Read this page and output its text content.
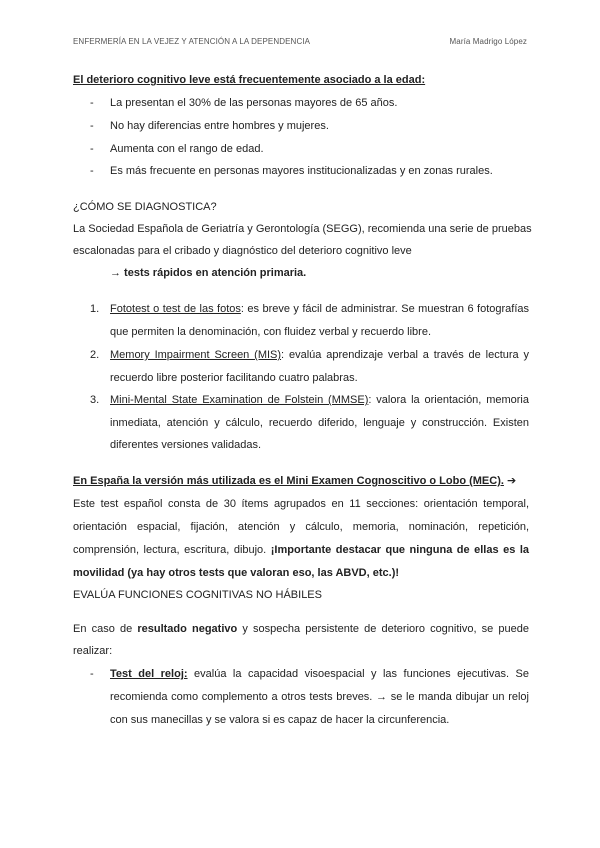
ENFERMERÍA EN LA VEJEZ Y ATENCIÓN A LA DEPENDENCIA	María Madrigo López
El deterioro cognitivo leve está frecuentemente asociado a la edad:
- La presentan el 30% de las personas mayores de 65 años.
- No hay diferencias entre hombres y mujeres.
- Aumenta con el rango de edad.
- Es más frecuente en personas mayores institucionalizadas y en zonas rurales.
¿CÓMO SE DIAGNOSTICA?
La Sociedad Española de Geriatría y Gerontología (SEGG), recomienda una serie de pruebas
escalonadas para el cribado y diagnóstico del deterioro cognitivo leve
→ tests rápidos en atención primaria.
1. Fototest o test de las fotos: es breve y fácil de administrar. Se muestran 6 fotografías
que permiten la denominación, con fluidez verbal y recuerdo libre.
2. Memory Impairment Screen (MIS): evalúa aprendizaje verbal a través de lectura y
recuerdo libre posterior facilitando cuatro palabras.
3. Mini-Mental State Examination de Folstein (MMSE): valora la orientación, memoria
inmediata, atención y cálculo, recuerdo diferido, lenguaje y construcción. Existen
diferentes versiones validadas.
En España la versión más utilizada es el Mini Examen Cognoscitivo o Lobo (MEC). ➔
Este test español consta de 30 ítems agrupados en 11 secciones: orientación temporal,
orientación espacial, fijación, atención y cálculo, memoria, nominación, repetición,
comprensión, lectura, escritura, dibujo. ¡Importante destacar que ninguna de ellas es la
movilidad (ya hay otros tests que valoran eso, las ABVD, etc.)!
EVALÚA FUNCIONES COGNITIVAS NO HÁBILES
En caso de resultado negativo y sospecha persistente de deterioro cognitivo, se puede
realizar:
- Test del reloj: evalúa la capacidad visoespacial y las funciones ejecutivas. Se
recomienda como complemento a otros tests breves. → se le manda dibujar un reloj
con sus manecillas y se valora si es capaz de hacer la circunferencia.
